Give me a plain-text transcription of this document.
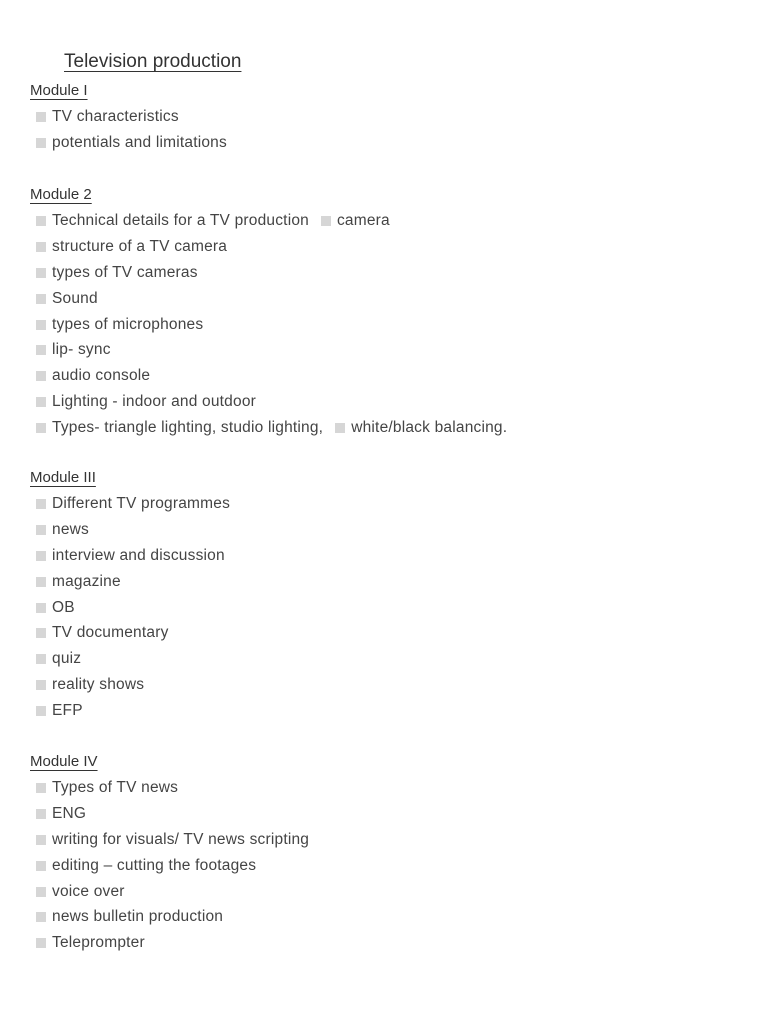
Television production
Module I
TV characteristics
potentials and limitations
Module 2
Technical details for a TV production camera
structure of a TV camera
types of TV cameras
Sound
types of microphones
lip- sync
audio console
Lighting - indoor and outdoor
Types- triangle lighting, studio lighting, white/black balancing.
Module III
Different TV programmes
news
interview and discussion
magazine
OB
TV documentary
quiz
reality shows
EFP
Module IV
Types of TV news
ENG
writing for visuals/ TV news scripting
editing – cutting the footages
voice over
news bulletin production
Teleprompter
